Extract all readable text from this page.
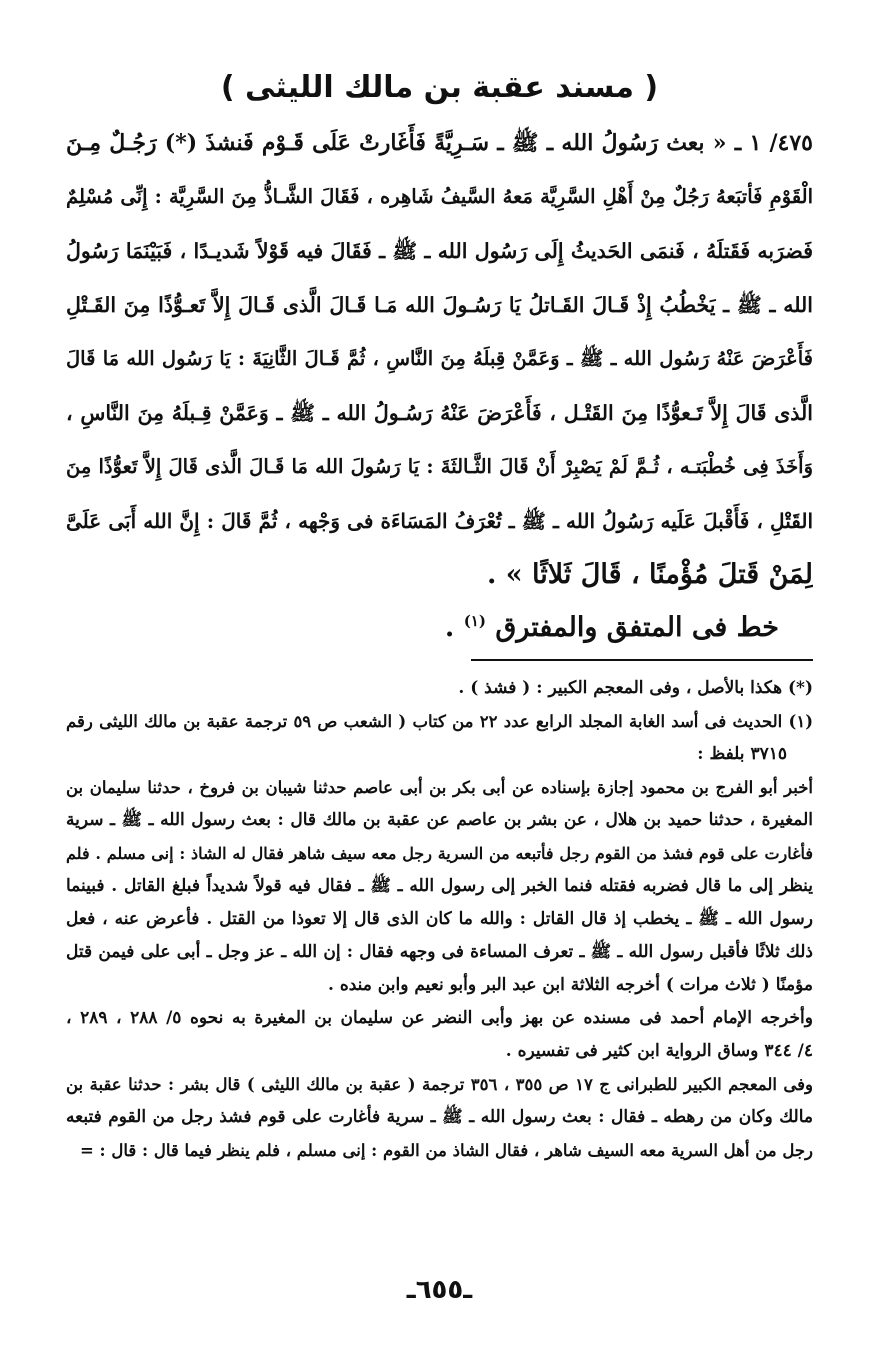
( مسند عقبة بن مالك الليثى )
٤٧٥/ ١ ـ « بعث رَسُولُ الله ـ ﷺ ـ سَـرِيَّةً فَأَغَارتْ عَلَى قَـوْم فَنشذَ (*) رَجُـلٌ مِـنَ
الْقَوْمِ فَأتبَعهُ رَجُلٌ مِنْ أَهْلِ السَّرِيَّة مَعهُ السَّيفُ شَاهِره ، فَقَالَ الشَّـاذُّ مِنَ السَّرِيَّة : إِنِّى مُسْلِمٌ
فَضرَبه فَقَتلَهُ ، فَنمَى الحَديثُ إِلَى رَسُول الله ـ ﷺ ـ فَقَالَ فيه قَوْلاً شَديـدًا ، فَبَيْنَمَا رَسُولُ
الله ـ ﷺ ـ يَخْطُبُ إِذْ قَـالَ القَـاتلُ يَا رَسُـولَ الله مَـا قَـالَ الَّذى قَـالَ إِلاَّ تَعـوُّذًا مِنَ القَـتْلِ
فَأَعْرَضَ عَنْهُ رَسُول الله ـ ﷺ ـ وَعَمَّنْ قِبلَهُ مِنَ النَّاسِ ، ثُمَّ قَـالَ الثَّانِيَةَ : يَا رَسُول الله مَا قَالَ
الَّذى قَالَ إِلاَّ تَـعوُّذًا مِنَ القَتْـل ، فَأَعْرَضَ عَنْهُ رَسُـولُ الله ـ ﷺ ـ وَعَمَّنْ قِـبلَهُ مِنَ النَّاسِ ،
وَأَخَذَ فِى خُطْبَتـه ، ثُـمَّ لَمْ يَصْبِرْ أَنْ قَالَ الثَّـالثَةَ : يَا رَسُولَ الله مَا قَـالَ الَّذى قَالَ إِلاَّ تَعوُّذًا مِنَ
القَتْلِ ، فَأَقْبلَ عَلَيه رَسُولُ الله ـ ﷺ ـ تُعْرَفُ المَسَاءَة فى وَجْهه ، ثُمَّ قَالَ : إِنَّ الله أَبَى عَلَىَّ
لِمَنْ قَتلَ مُؤْمنًا ، قَالَ ثَلاثًا » .
خط فى المتفق والمفترق $^{(١)}$ .
(*) هكذا بالأصل ، وفى المعجم الكبير : ( فشذ ) .
(١) الحديث فى أسد الغابة المجلد الرابع عدد ٢٢ من كتاب ( الشعب ص ٥٩ ترجمة عقبة بن مالك الليثى رقم
٣٧١٥ بلفظ :
أخبر أبو الفرج بن محمود إجازة بإسناده عن أبى بكر بن أبى عاصم حدثنا شيبان بن فروخ ، حدثنا سليمان بن
المغيرة ، حدثنا حميد بن هلال ، عن بشر بن عاصم عن عقبة بن مالك قال : بعث رسول الله ـ ﷺ ـ سرية
فأغارت على قوم فشذ من القوم رجل فأتبعه من السرية رجل معه سيف شاهر فقال له الشاذ : إنى مسلم . فلم
ينظر إلى ما قال فضربه فقتله فنما الخبر إلى رسول الله ـ ﷺ ـ فقال فيه قولاً شديداً فبلغ القاتل . فبينما
رسول الله ـ ﷺ ـ يخطب إذ قال القاتل : والله ما كان الذى قال إلا تعوذا من القتل . فأعرض عنه ، فعل
ذلك ثلاثًا فأقبل رسول الله ـ ﷺ ـ تعرف المساءة فى وجهه فقال : إن الله ـ عز وجل ـ أبى على فيمن قتل
مؤمنًا ( ثلاث مرات ) أخرجه الثلاثة ابن عبد البر وأبو نعيم وابن منده .
وأخرجه الإمام أحمد فى مسنده عن بهز وأبى النضر عن سليمان بن المغيرة به نحوه ٥/ ٢٨٨ ، ٢٨٩ ،
٤/ ٣٤٤ وساق الرواية ابن كثير فى تفسيره .
وفى المعجم الكبير للطبرانى ج ١٧ ص ٣٥٥ ، ٣٥٦ ترجمة ( عقبة بن مالك الليثى ) قال بشر : حدثنا عقبة بن
مالك وكان من رهطه ـ فقال : بعث رسول الله ـ ﷺ ـ سرية فأغارت على قوم فشذ رجل من القوم فتبعه
رجل من أهل السرية معه السيف شاهر ، فقال الشاذ من القوم : إنى مسلم ، فلم ينظر فيما قال : قال : =
ـ٦٥٥ـ
